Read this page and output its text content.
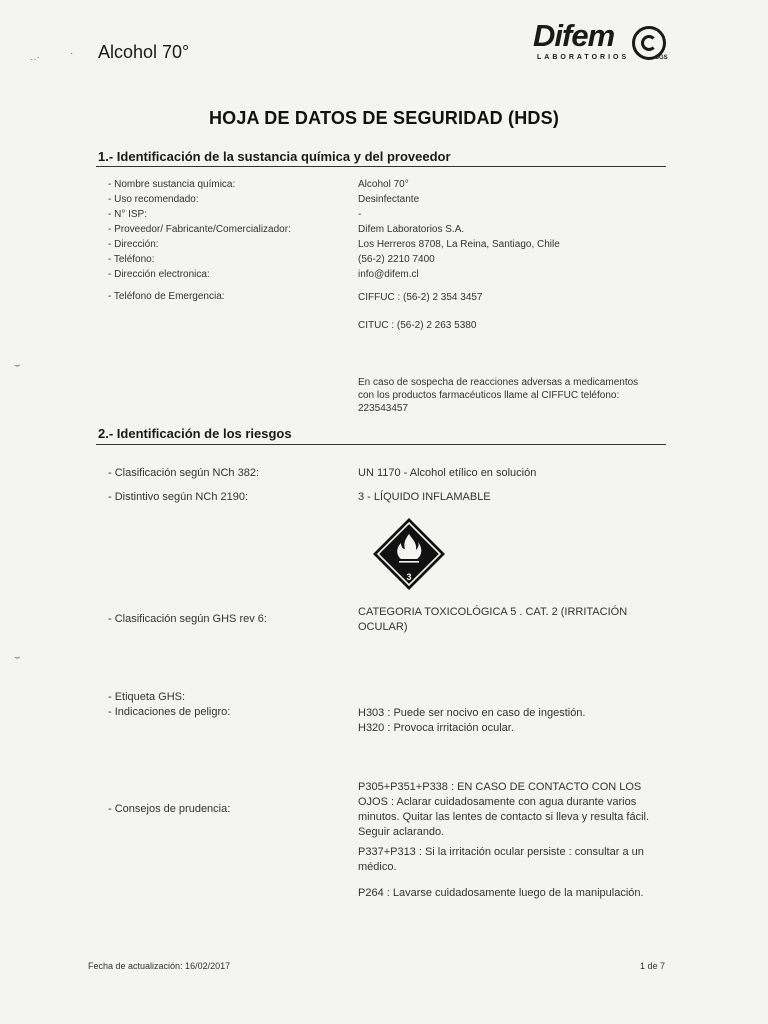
‥·	·
⌣
⌣
Alcohol 70°	Difem
LABORATORIOS	SGS
HOJA DE DATOS DE SEGURIDAD (HDS)
1.- Identificación de la sustancia química y del proveedor
- Nombre sustancia química:	Alcohol 70°
- Uso recomendado:	Desinfectante
- N° ISP:	-
- Proveedor/ Fabricante/Comercializador:	Difem Laboratorios S.A.
- Dirección:	Los Herreros 8708, La Reina, Santiago, Chile
- Teléfono:	(56-2) 2210 7400
- Dirección electronica:	info@difem.cl
- Teléfono de Emergencia:	CIFFUC : (56-2) 2 354 3457
CITUC : (56-2) 2 263 5380
En caso de sospecha de reacciones adversas a medicamentos
con los productos farmacéuticos llame al CIFFUC teléfono:
223543457
2.- Identificación de los riesgos
- Clasificación según NCh 382:	UN 1170 - Alcohol etílico en solución
- Distintivo según NCh 2190:	3 - LÍQUIDO INFLAMABLE
3
- Clasificación según GHS rev 6:
CATEGORIA TOXICOLÓGICA 5 . CAT. 2 (IRRITACIÓN
OCULAR)
- Etiqueta GHS:
- Indicaciones de peligro:	H303 : Puede ser nocivo en caso de ingestión.
H320 : Provoca irritación ocular.
- Consejos de prudencia:
P305+P351+P338 : EN CASO DE CONTACTO CON LOS OJOS : Aclarar cuidadosamente con agua durante varios minutos. Quitar las lentes de contacto si lleva y resulta fácil. Seguir aclarando.
P337+P313 : Si la irritación ocular persiste : consultar a un médico.
P264 : Lavarse cuidadosamente luego de la manipulación.
Fecha de actualización: 16/02/2017	1 de 7
